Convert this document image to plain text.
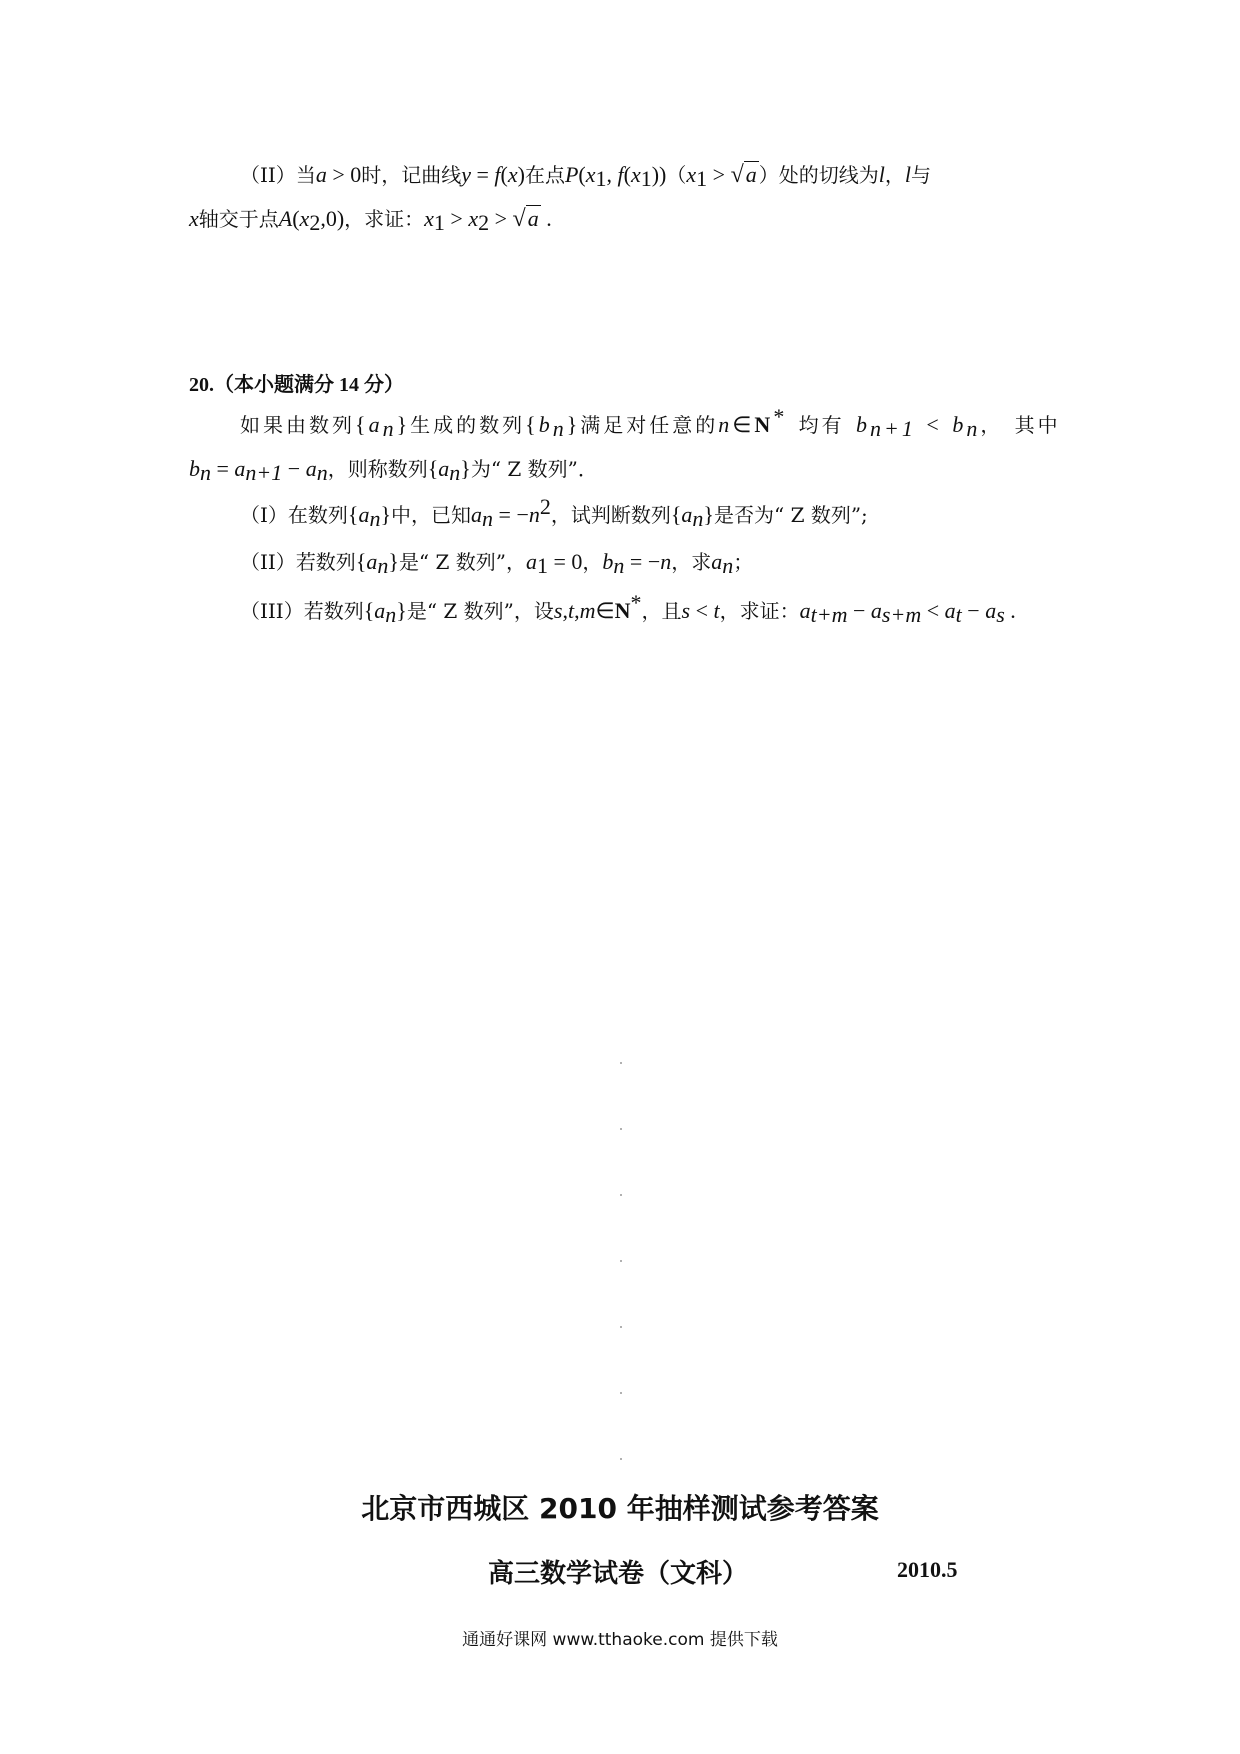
（II）当a > 0时，记曲线y = f(x)在点$P(x_1$, $f(x_1))(x_1 > √a$ ）处的切线为l，l与
x轴交于点$A(x_2,0)$，求证：$x_1 > x_2 > √a$ .
20.（本小题满分 14 分）
如果由数列$\{a_n\}$生成的数列$\{b_n\}$满足对任意的n∈N* 均有 $b_{n+1} < b_n$， 其中
$b_n = a_{n+1} - a_n$，则称数列$\{a_n\}$为“ Z 数列”．
（I）在数列$\{a_n\}$中，已知$a_n = -n^2$，试判断数列$\{a_n\}$是否为“ Z 数列”;
（II）若数列$\{a_n\}$是“ Z 数列”，$a_1 = 0$，$b_n = -n$，求$a_n$；
（III）若数列$\{a_n\}$是“ Z 数列”，设s,t,m∈N*，且s < t，求证：$a_{t+m} - a_{s+m} < a_t - a_s$ .
北京市西城区 2010 年抽样测试参考答案
高三数学试卷（文科）	2010.5
通通好课网 www.tthaoke.com 提供下载
